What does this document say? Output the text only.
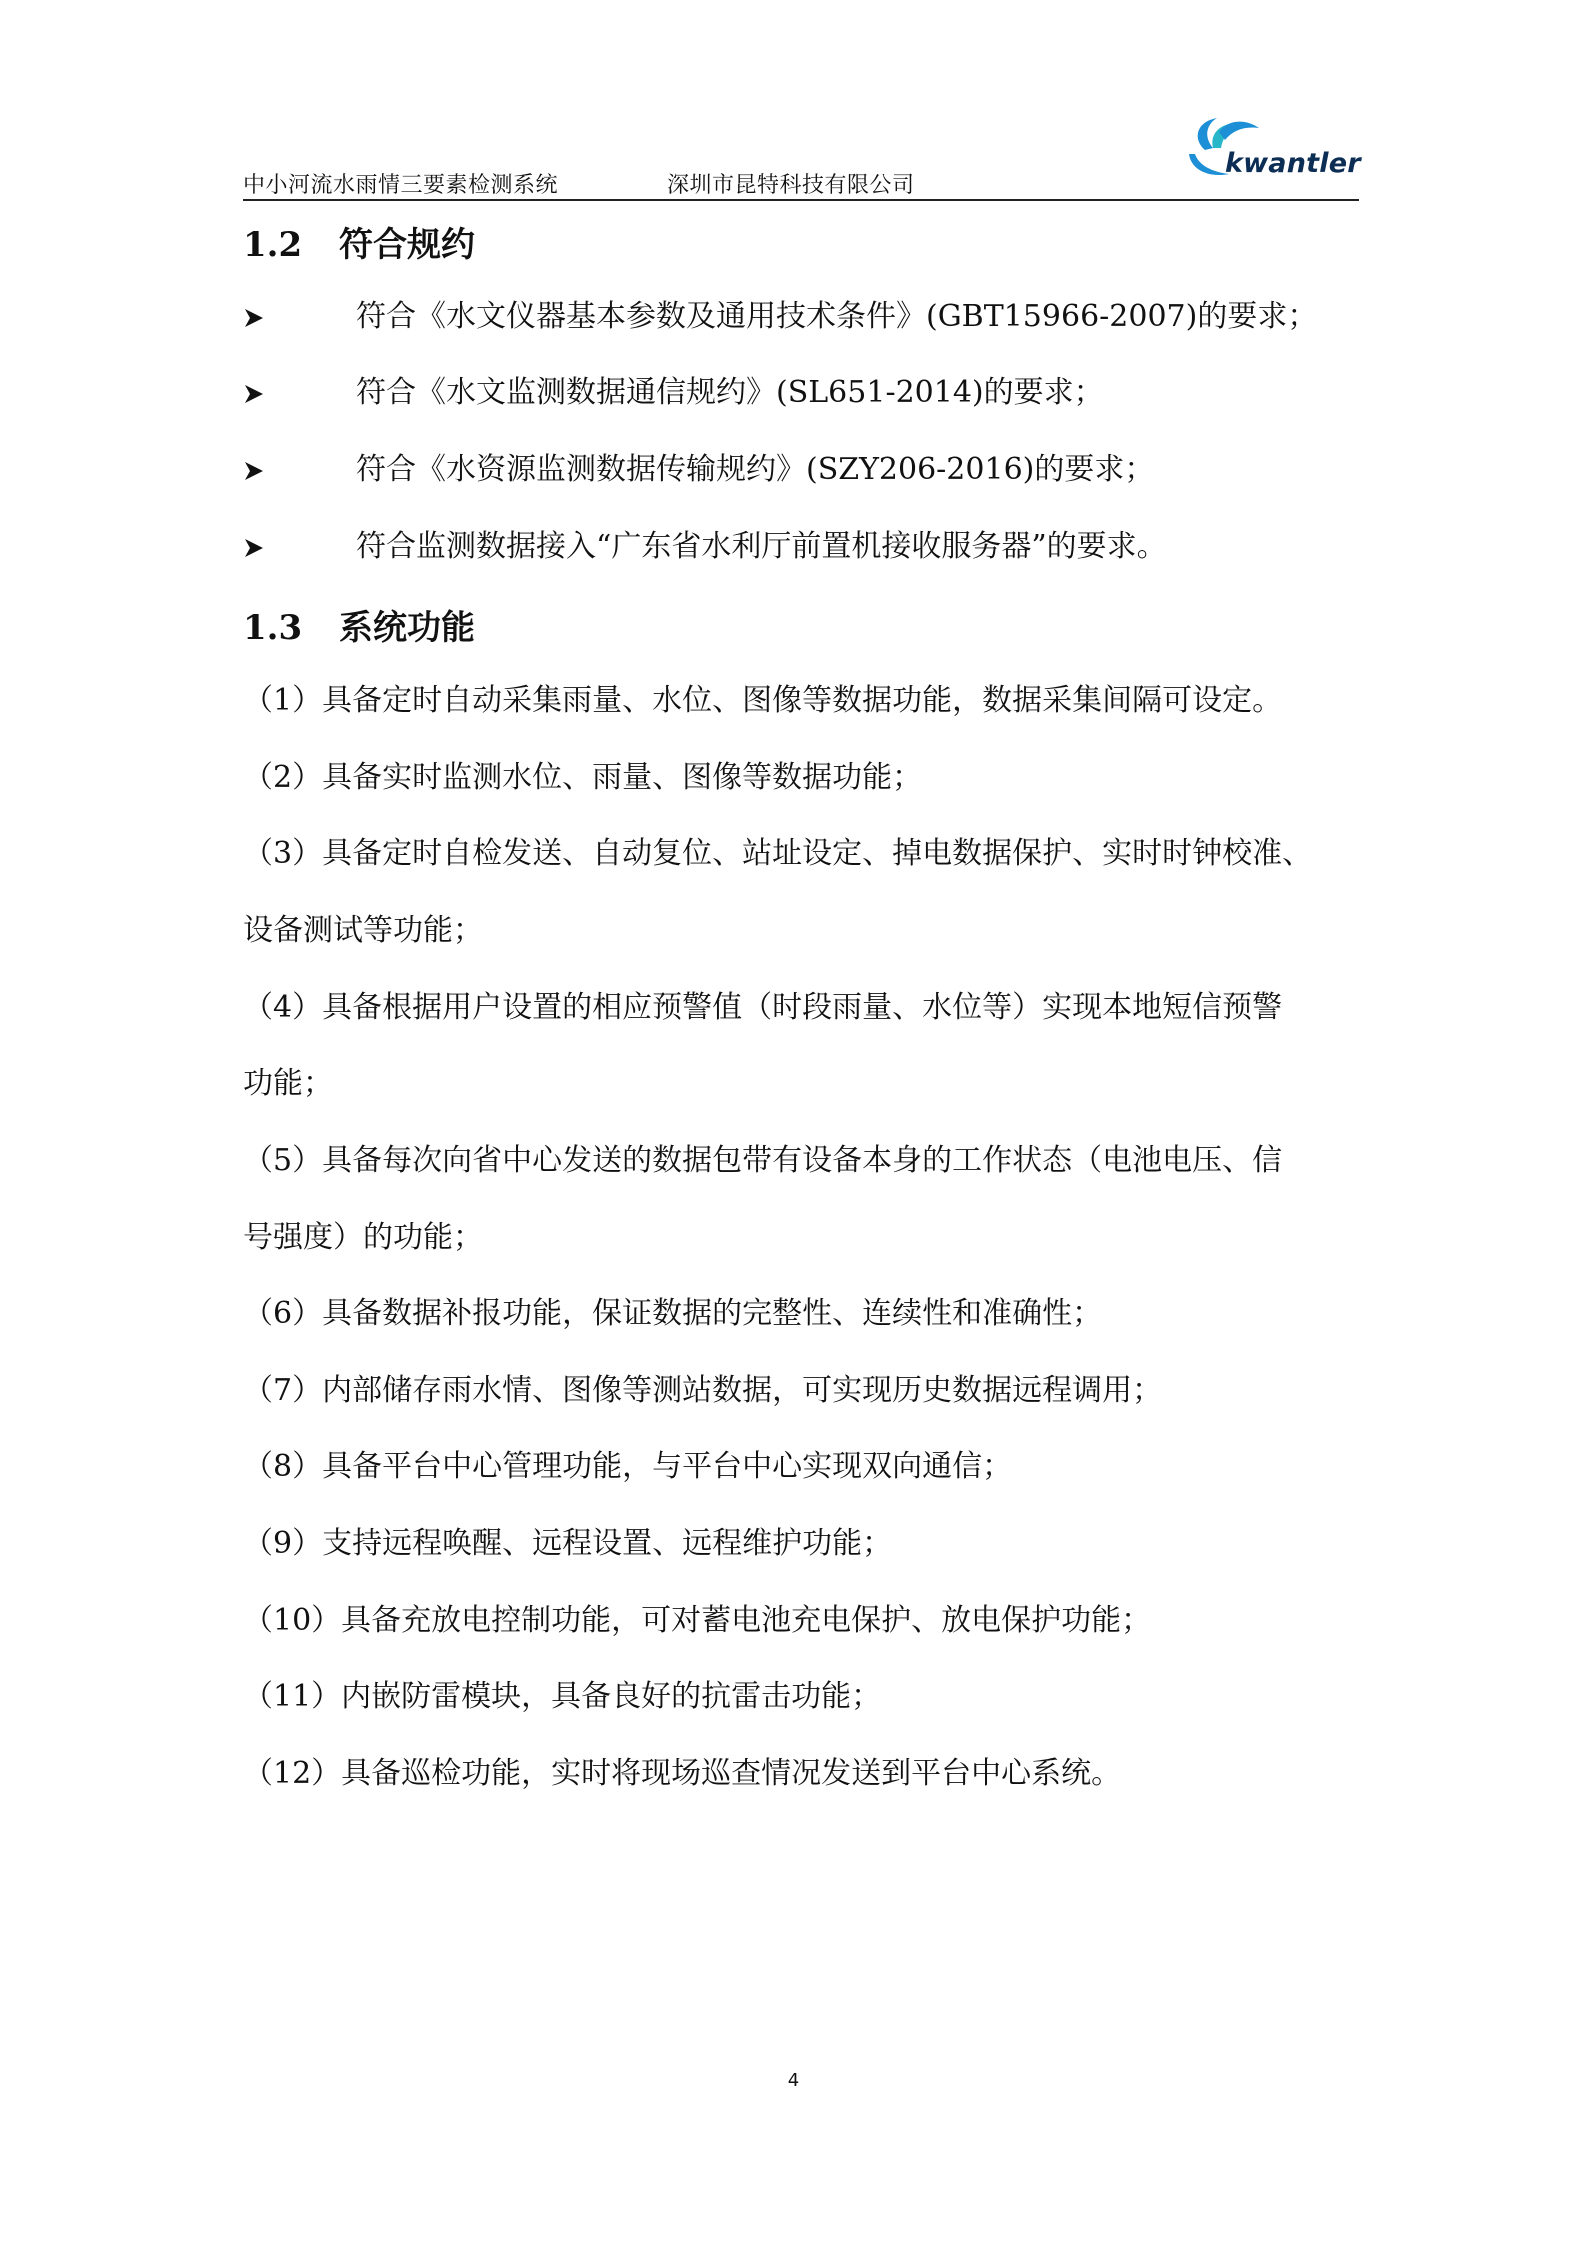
中小河流水雨情三要素检测系统	深圳市昆特科技有限公司
kwantler
1.2 符合规约
符合《水文仪器基本参数及通用技术条件》(GBT15966-2007)的要求；
符合《水文监测数据通信规约》(SL651-2014)的要求；
符合《水资源监测数据传输规约》(SZY206-2016)的要求；
符合监测数据接入“广东省水利厅前置机接收服务器”的要求。
1.3 系统功能
（1）具备定时自动采集雨量、水位、图像等数据功能，数据采集间隔可设定。
（2）具备实时监测水位、雨量、图像等数据功能；
（3）具备定时自检发送、自动复位、站址设定、掉电数据保护、实时时钟校准、
设备测试等功能；
（4）具备根据用户设置的相应预警值（时段雨量、水位等）实现本地短信预警
功能；
（5）具备每次向省中心发送的数据包带有设备本身的工作状态（电池电压、信
号强度）的功能；
（6）具备数据补报功能，保证数据的完整性、连续性和准确性；
（7）内部储存雨水情、图像等测站数据，可实现历史数据远程调用；
（8）具备平台中心管理功能，与平台中心实现双向通信；
（9）支持远程唤醒、远程设置、远程维护功能；
（10）具备充放电控制功能，可对蓄电池充电保护、放电保护功能；
（11）内嵌防雷模块，具备良好的抗雷击功能；
（12）具备巡检功能，实时将现场巡查情况发送到平台中心系统。
4
